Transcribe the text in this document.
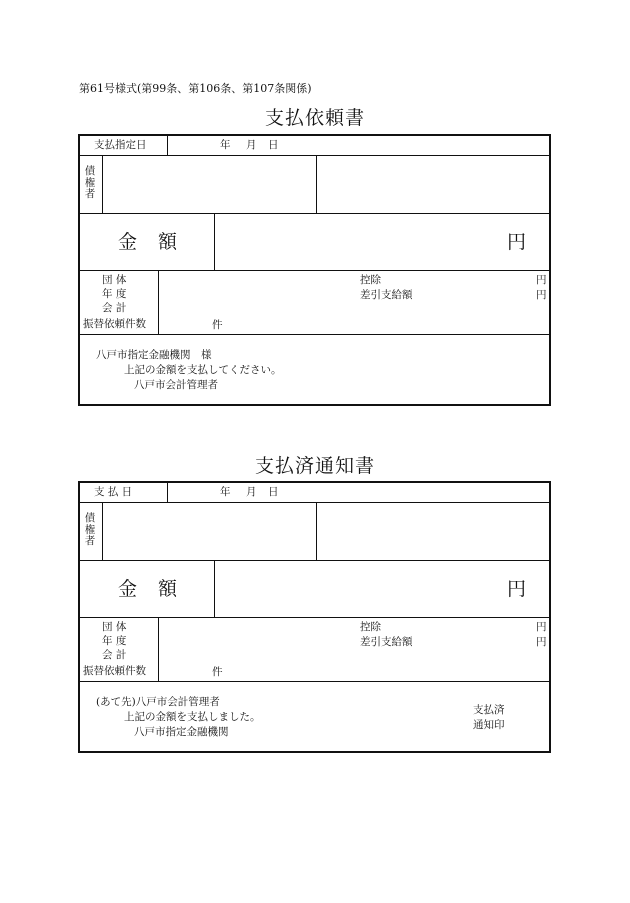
第61号様式(第99条、第106条、第107条関係)
支払依頼書
支払指定日	年 月 日
債権者
金 額	円
団 体
年 度
会 計
振替依頼件数	件
控除	円
差引支給額	円
八戸市指定金融機関　様
上記の金額を支払してください。
八戸市会計管理者
支払済通知書
支 払 日	年 月 日
債権者
金 額	円
団 体
年 度
会 計
振替依頼件数	件
控除	円
差引支給額	円
(あて先)八戸市会計管理者
上記の金額を支払しました。
八戸市指定金融機関
支払済
通知印
